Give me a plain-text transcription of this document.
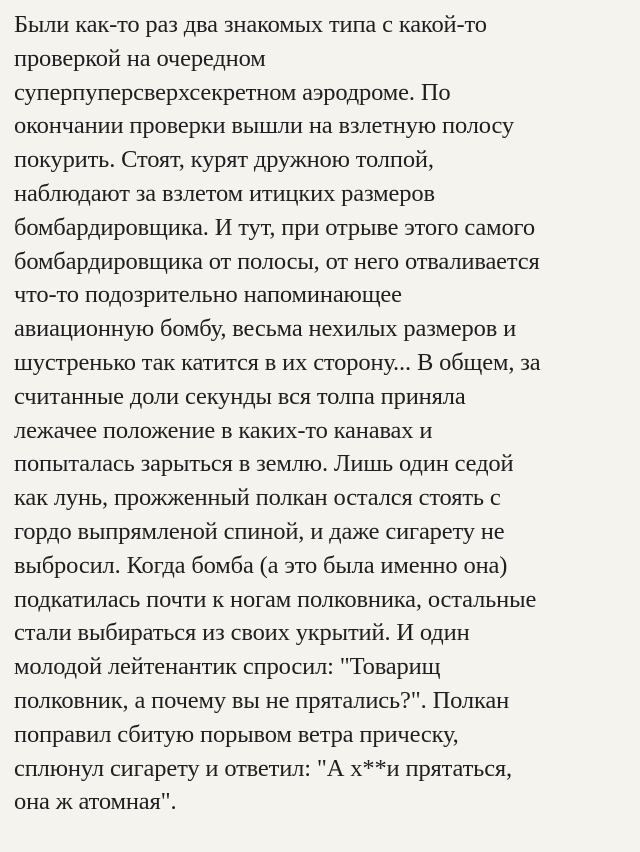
Были как-то раз два знакомых типа с какой-то
проверкой на очередном
суперпуперсверхсекретном аэродроме. По
окончании проверки вышли на взлетную полосу
покурить. Стоят, курят дружною толпой,
наблюдают за взлетом итицких размеров
бомбардировщика. И тут, при отрыве этого самого
бомбардировщика от полосы, от него отваливается
что-то подозрительно напоминающее
авиационную бомбу, весьма нехилых размеров и
шустренько так катится в их сторону... В общем, за
считанные доли секунды вся толпа приняла
лежачее положение в каких-то канавах и
попыталась зарыться в землю. Лишь один седой
как лунь, прожженный полкан остался стоять с
гордо выпрямленой спиной, и даже сигарету не
выбросил. Когда бомба (а это была именно она)
подкатилась почти к ногам полковника, остальные
стали выбираться из своих укрытий. И один
молодой лейтенантик спросил: "Товарищ
полковник, а почему вы не прятались?". Полкан
поправил сбитую порывом ветра прическу,
сплюнул сигарету и ответил: "А х**и прятаться,
она ж атомная".
